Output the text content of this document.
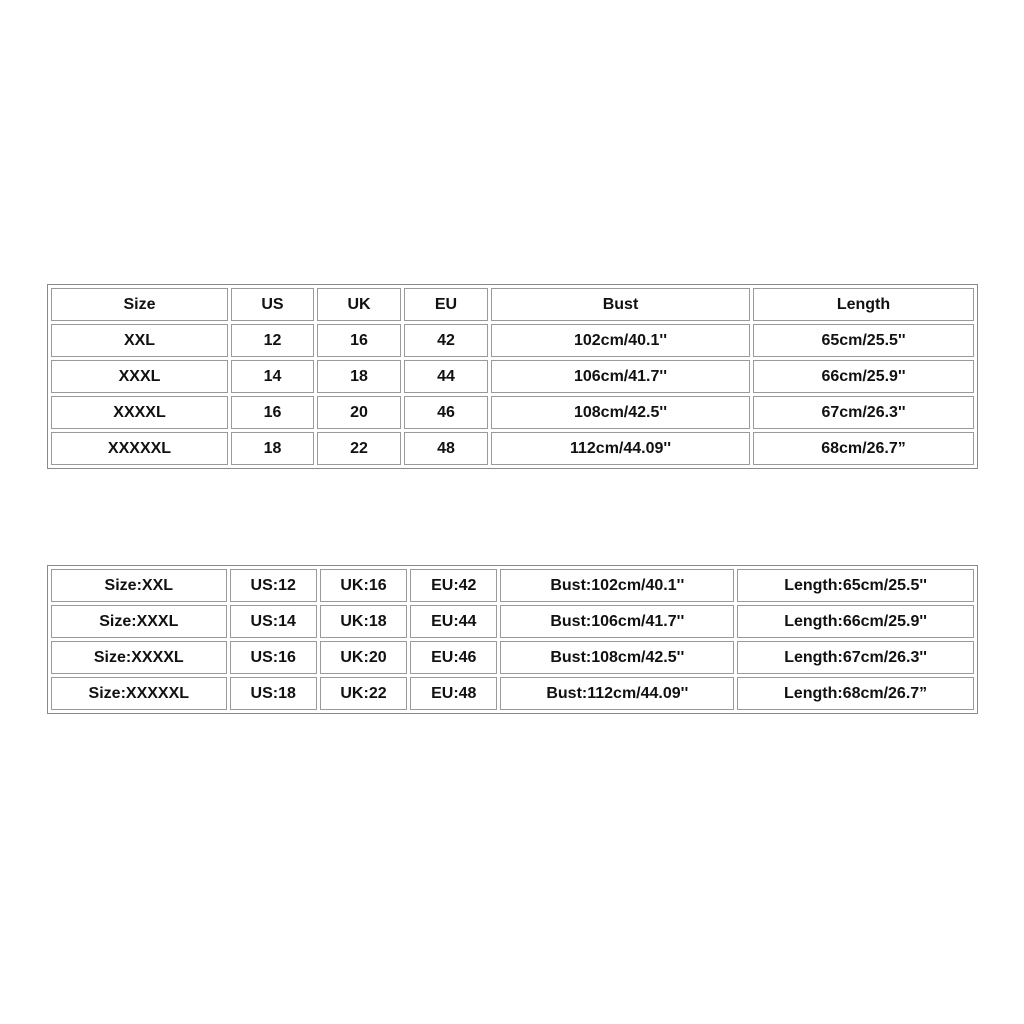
Size	US	UK	EU	Bust	Length
XXL	12	16	42	102cm/40.1''	65cm/25.5''
XXXL	14	18	44	106cm/41.7''	66cm/25.9''
XXXXL	16	20	46	108cm/42.5''	67cm/26.3''
XXXXXL	18	22	48	112cm/44.09''	68cm/26.7”
Size:XXL	US:12	UK:16	EU:42	Bust:102cm/40.1''	Length:65cm/25.5''
Size:XXXL	US:14	UK:18	EU:44	Bust:106cm/41.7''	Length:66cm/25.9''
Size:XXXXL	US:16	UK:20	EU:46	Bust:108cm/42.5''	Length:67cm/26.3''
Size:XXXXXL	US:18	UK:22	EU:48	Bust:112cm/44.09''	Length:68cm/26.7”
